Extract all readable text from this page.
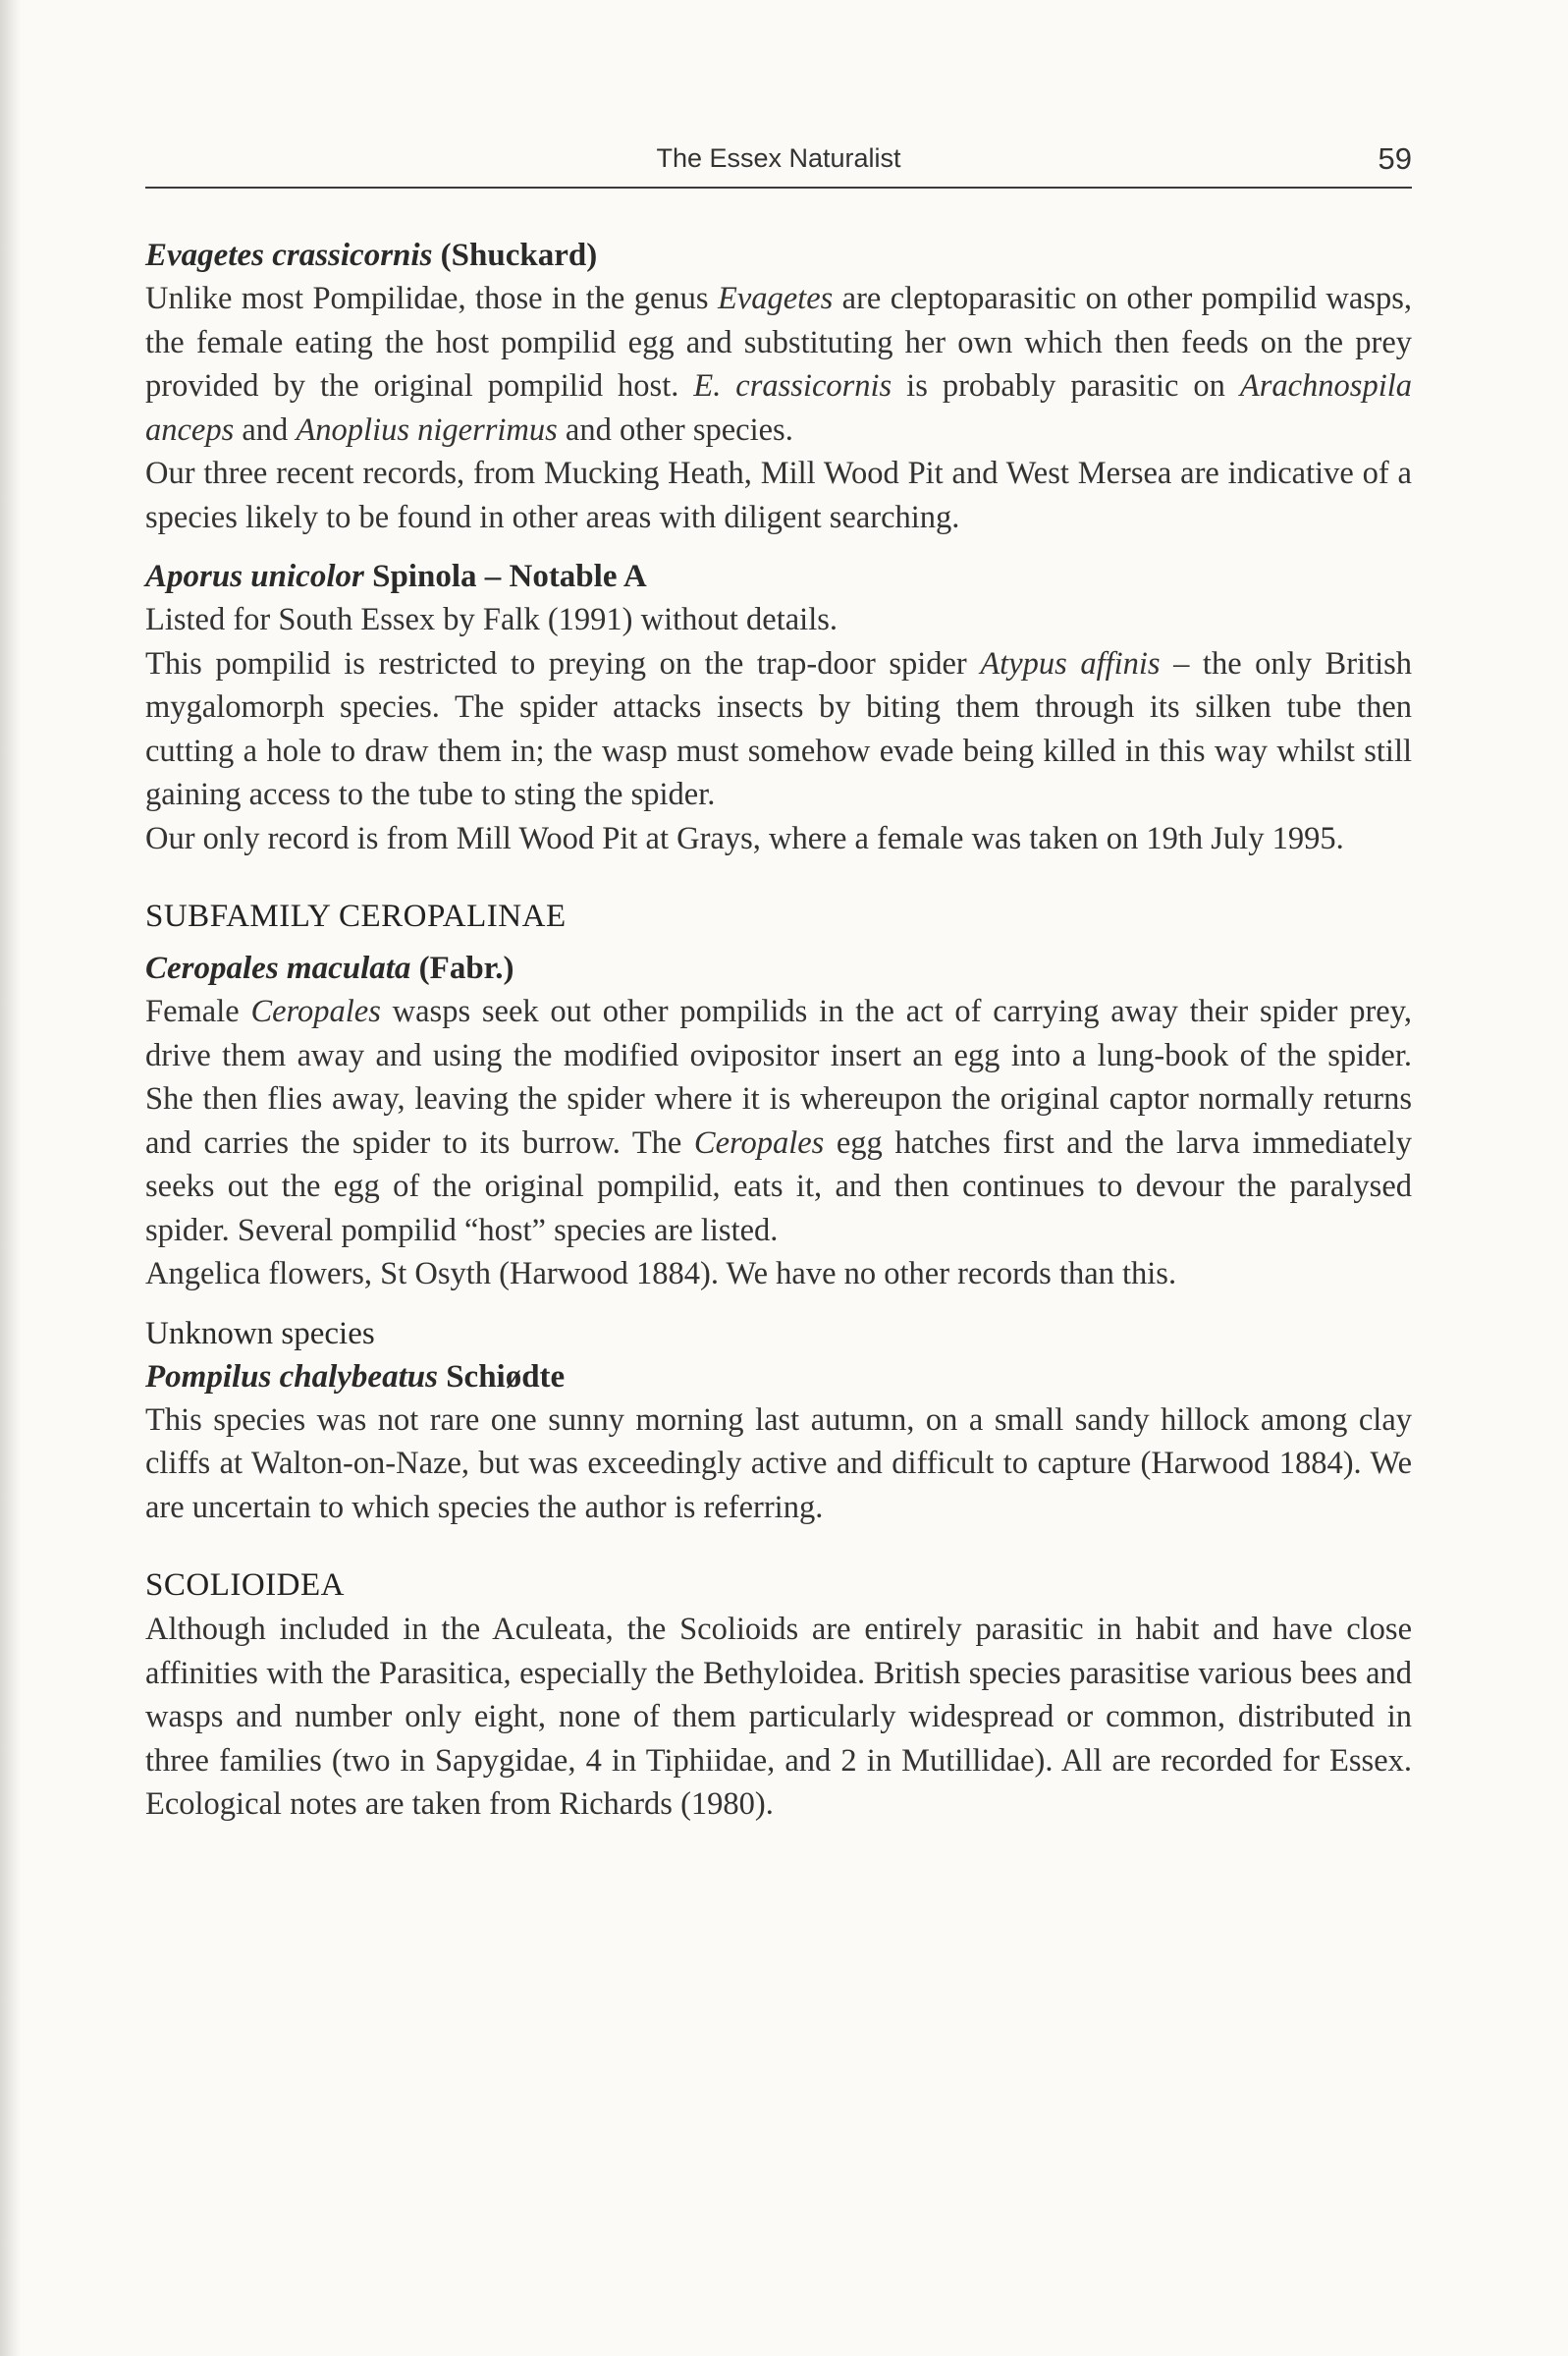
The Essex Naturalist	59
Evagetes crassicornis (Shuckard)

Unlike most Pompilidae, those in the genus Evagetes are cleptoparasitic on other pompilid wasps, the female eating the host pompilid egg and substituting her own which then feeds on the prey provided by the original pompilid host. E. crassicornis is probably parasitic on Arachnospila anceps and Anoplius nigerrimus and other species.

Our three recent records, from Mucking Heath, Mill Wood Pit and West Mersea are indicative of a species likely to be found in other areas with diligent searching.

Aporus unicolor Spinola – Notable A

Listed for South Essex by Falk (1991) without details.

This pompilid is restricted to preying on the trap-door spider Atypus affinis – the only British mygalomorph species. The spider attacks insects by biting them through its silken tube then cutting a hole to draw them in; the wasp must somehow evade being killed in this way whilst still gaining access to the tube to sting the spider.

Our only record is from Mill Wood Pit at Grays, where a female was taken on 19th July 1995.

SUBFAMILY CEROPALINAE
Ceropales maculata (Fabr.)

Female Ceropales wasps seek out other pompilids in the act of carrying away their spider prey, drive them away and using the modified ovipositor insert an egg into a lung-book of the spider. She then flies away, leaving the spider where it is whereupon the original captor normally returns and carries the spider to its burrow. The Ceropales egg hatches first and the larva immediately seeks out the egg of the original pompilid, eats it, and then continues to devour the paralysed spider. Several pompilid “host” species are listed.

Angelica flowers, St Osyth (Harwood 1884). We have no other records than this.

Unknown species
Pompilus chalybeatus Schiødte

This species was not rare one sunny morning last autumn, on a small sandy hillock among clay cliffs at Walton-on-Naze, but was exceedingly active and difficult to capture (Harwood 1884). We are uncertain to which species the author is referring.

SCOLIOIDEA

Although included in the Aculeata, the Scolioids are entirely parasitic in habit and have close affinities with the Parasitica, especially the Bethyloidea. British species parasitise various bees and wasps and number only eight, none of them particularly widespread or common, distributed in three families (two in Sapygidae, 4 in Tiphiidae, and 2 in Mutillidae). All are recorded for Essex. Ecological notes are taken from Richards (1980).
